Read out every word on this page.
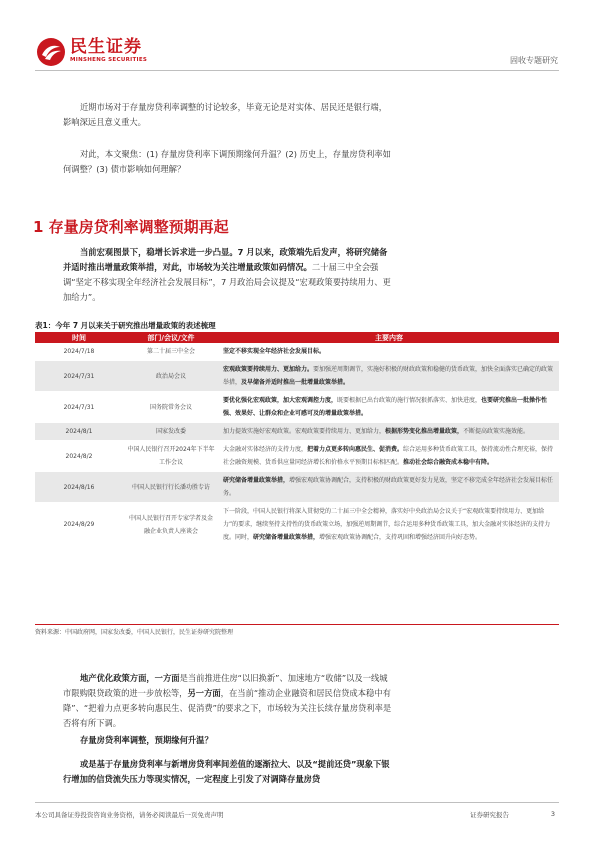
民生证券
MINSHENG SECURITIES	固收专题研究
近期市场对于存量房贷利率调整的讨论较多，毕竟无论是对实体、居民还是银行端，影响深远且意义重大。
对此，本文聚焦：(1) 存量房贷利率下调预期缘何升温？(2) 历史上，存量房贷利率如何调整？(3) 债市影响如何理解？
1 存量房贷利率调整预期再起
当前宏观图景下，稳增长诉求进一步凸显。7 月以来，政策端先后发声，将研究储备并适时推出增量政策举措，对此，市场较为关注增量政策如码情况。二十届三中全会强调“坚定不移实现全年经济社会发展目标”，7 月政治局会议提及“宏观政策要持续用力、更加给力”。
表1：今年 7 月以来关于研究推出增量政策的表述梳理
时间	部门/会议/文件	主要内容
2024/7/18	第二十届三中全会	坚定不移实现全年经济社会发展目标。
2024/7/31	政治局会议	宏观政策要持续用力、更加给力。要加强逆周期调节，实施好积极的财政政策和稳健的货币政策，加快全面落实已确定的政策举措，及早储备并适时推出一批增量政策举措。
2024/7/31	国务院常务会议	要优化强化宏观政策，加大宏观调控力度，既要根据已出台政策的施行情况狠抓落实、加快进度，也要研究推出一批操作性强、效果好、让群众和企业可感可及的增量政策举措。
2024/8/1	国家发改委	加力提效实施好宏观政策。宏观政策要持续用力、更加给力，根据形势变化推出增量政策，不断提高政策实施效能。
2024/8/2	中国人民银行召开2024年下半年工作会议	大金融对实体经济的支持力度，把着力点更多转向惠民生、促消费。综合运用多种货币政策工具，保持流动性合理充裕，保持社会融资规模、货币供应量同经济增长和价格水平预期目标相匹配。推动社会综合融资成本稳中有降。
2024/8/16	中国人民银行行长潘功胜专访	研究储备增量政策举措，增强宏观政策协调配合，支持积极的财政政策更好发力见效，坚定不移完成全年经济社会发展目标任务。
2024/8/29	中国人民银行召开专家学者及金融企业负责人座谈会	下一阶段，中国人民银行将深入贯彻党的二十届三中全会精神，落实好中央政治局会议关于“宏观政策要持续用力、更加给力”的要求，继续坚持支持性的货币政策立场，加强逆周期调节，综合运用多种货币政策工具，加大金融对实体经济的支持力度。同时，研究储备增量政策举措，增强宏观政策协调配合，支持巩固和增强经济回升向好态势。
资料来源：中国政府网，国家发改委，中国人民银行，民生证券研究院整理
地产优化政策方面，一方面是当前推进住房“以旧换新”、加速地方“收储”以及一线城市限购限贷政策的进一步放松等，另一方面，在当前“推动企业融资和居民信贷成本稳中有降”、“把着力点更多转向惠民生、促消费”的要求之下，市场较为关注长续存量房贷利率是否将有所下调。
存量房贷利率调整，预期缘何升温？
或是基于存量房贷利率与新增房贷利率间差值的逐渐拉大、以及“提前还贷”现象下银行增加的信贷流失压力等现实情况，一定程度上引发了对调降存量房贷
本公司具备证券投资咨询业务资格，请务必阅读最后一页免责声明	证券研究报告	3
